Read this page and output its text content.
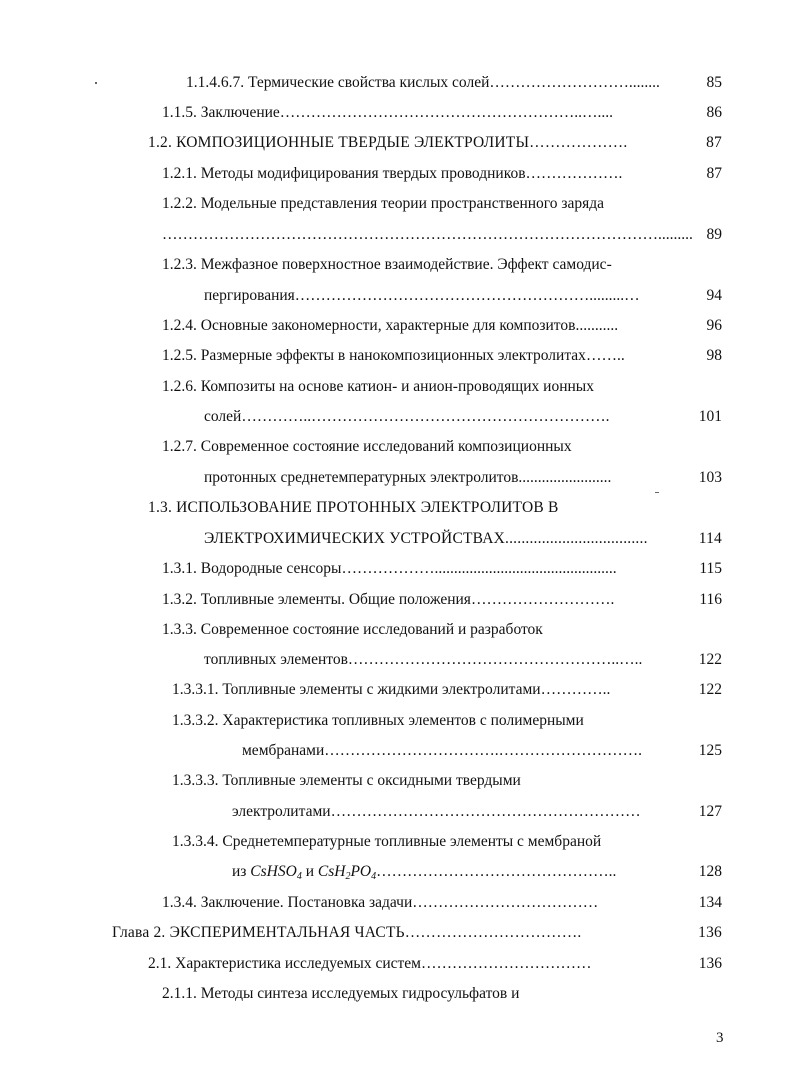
1.1.4.6.7. Термические свойства кислых солей ………………………........	85
1.1.5. Заключение …………………………………………………..…....	86
1.2. КОМПОЗИЦИОННЫЕ ТВЕРДЫЕ ЭЛЕКТРОЛИТЫ ……………….	87
1.2.1. Методы модифицирования твердых проводников ……………….	87
1.2.2. Модельные представления теории пространственного заряда
……………………………………………………………………………………......... 89
1.2.3. Межфазное поверхностное взаимодействие. Эффект самодис-
пергирования ………………………………………………….........…	94
1.2.4. Основные закономерности, характерные для композитов ...........	96
1.2.5. Размерные эффекты в нанокомпозиционных электролитах ……..	98
1.2.6. Композиты на основе катион- и анион-проводящих ионных
солей …………..………………………………………………….	101
1.2.7. Современное состояние исследований композиционных
протонных среднетемпературных электролитов ........................	103
1.3. ИСПОЛЬЗОВАНИЕ ПРОТОННЫХ ЭЛЕКТРОЛИТОВ В
ЭЛЕКТРОХИМИЧЕСКИХ УСТРОЙСТВАХ ...................................	114
1.3.1. Водородные сенсоры ………………...............................................	115
1.3.2. Топливные элементы. Общие положения ……………………….	116
1.3.3. Современное состояние исследований и разработок
топливных элементов ……………………………………………..…..	122
1.3.3.1. Топливные элементы с жидкими электролитами …………..	122
1.3.3.2. Характеристика топливных элементов с полимерными
мембранами …………………………….……………………….	125
1.3.3.3. Топливные элементы с оксидными твердыми
электролитами ……………………………………………………	127
1.3.3.4. Среднетемпературные топливные элементы с мембраной
из CsHSO$_4$ и $CsH_2PO_4$ ………………………………………..	128
1.3.4. Заключение. Постановка задачи ………………………………	134
Глава 2. ЭКСПЕРИМЕНТАЛЬНАЯ ЧАСТЬ …………………………….	136
2.1. Характеристика исследуемых систем ……………………………	136
2.1.1. Методы синтеза исследуемых гидросульфатов и
3
